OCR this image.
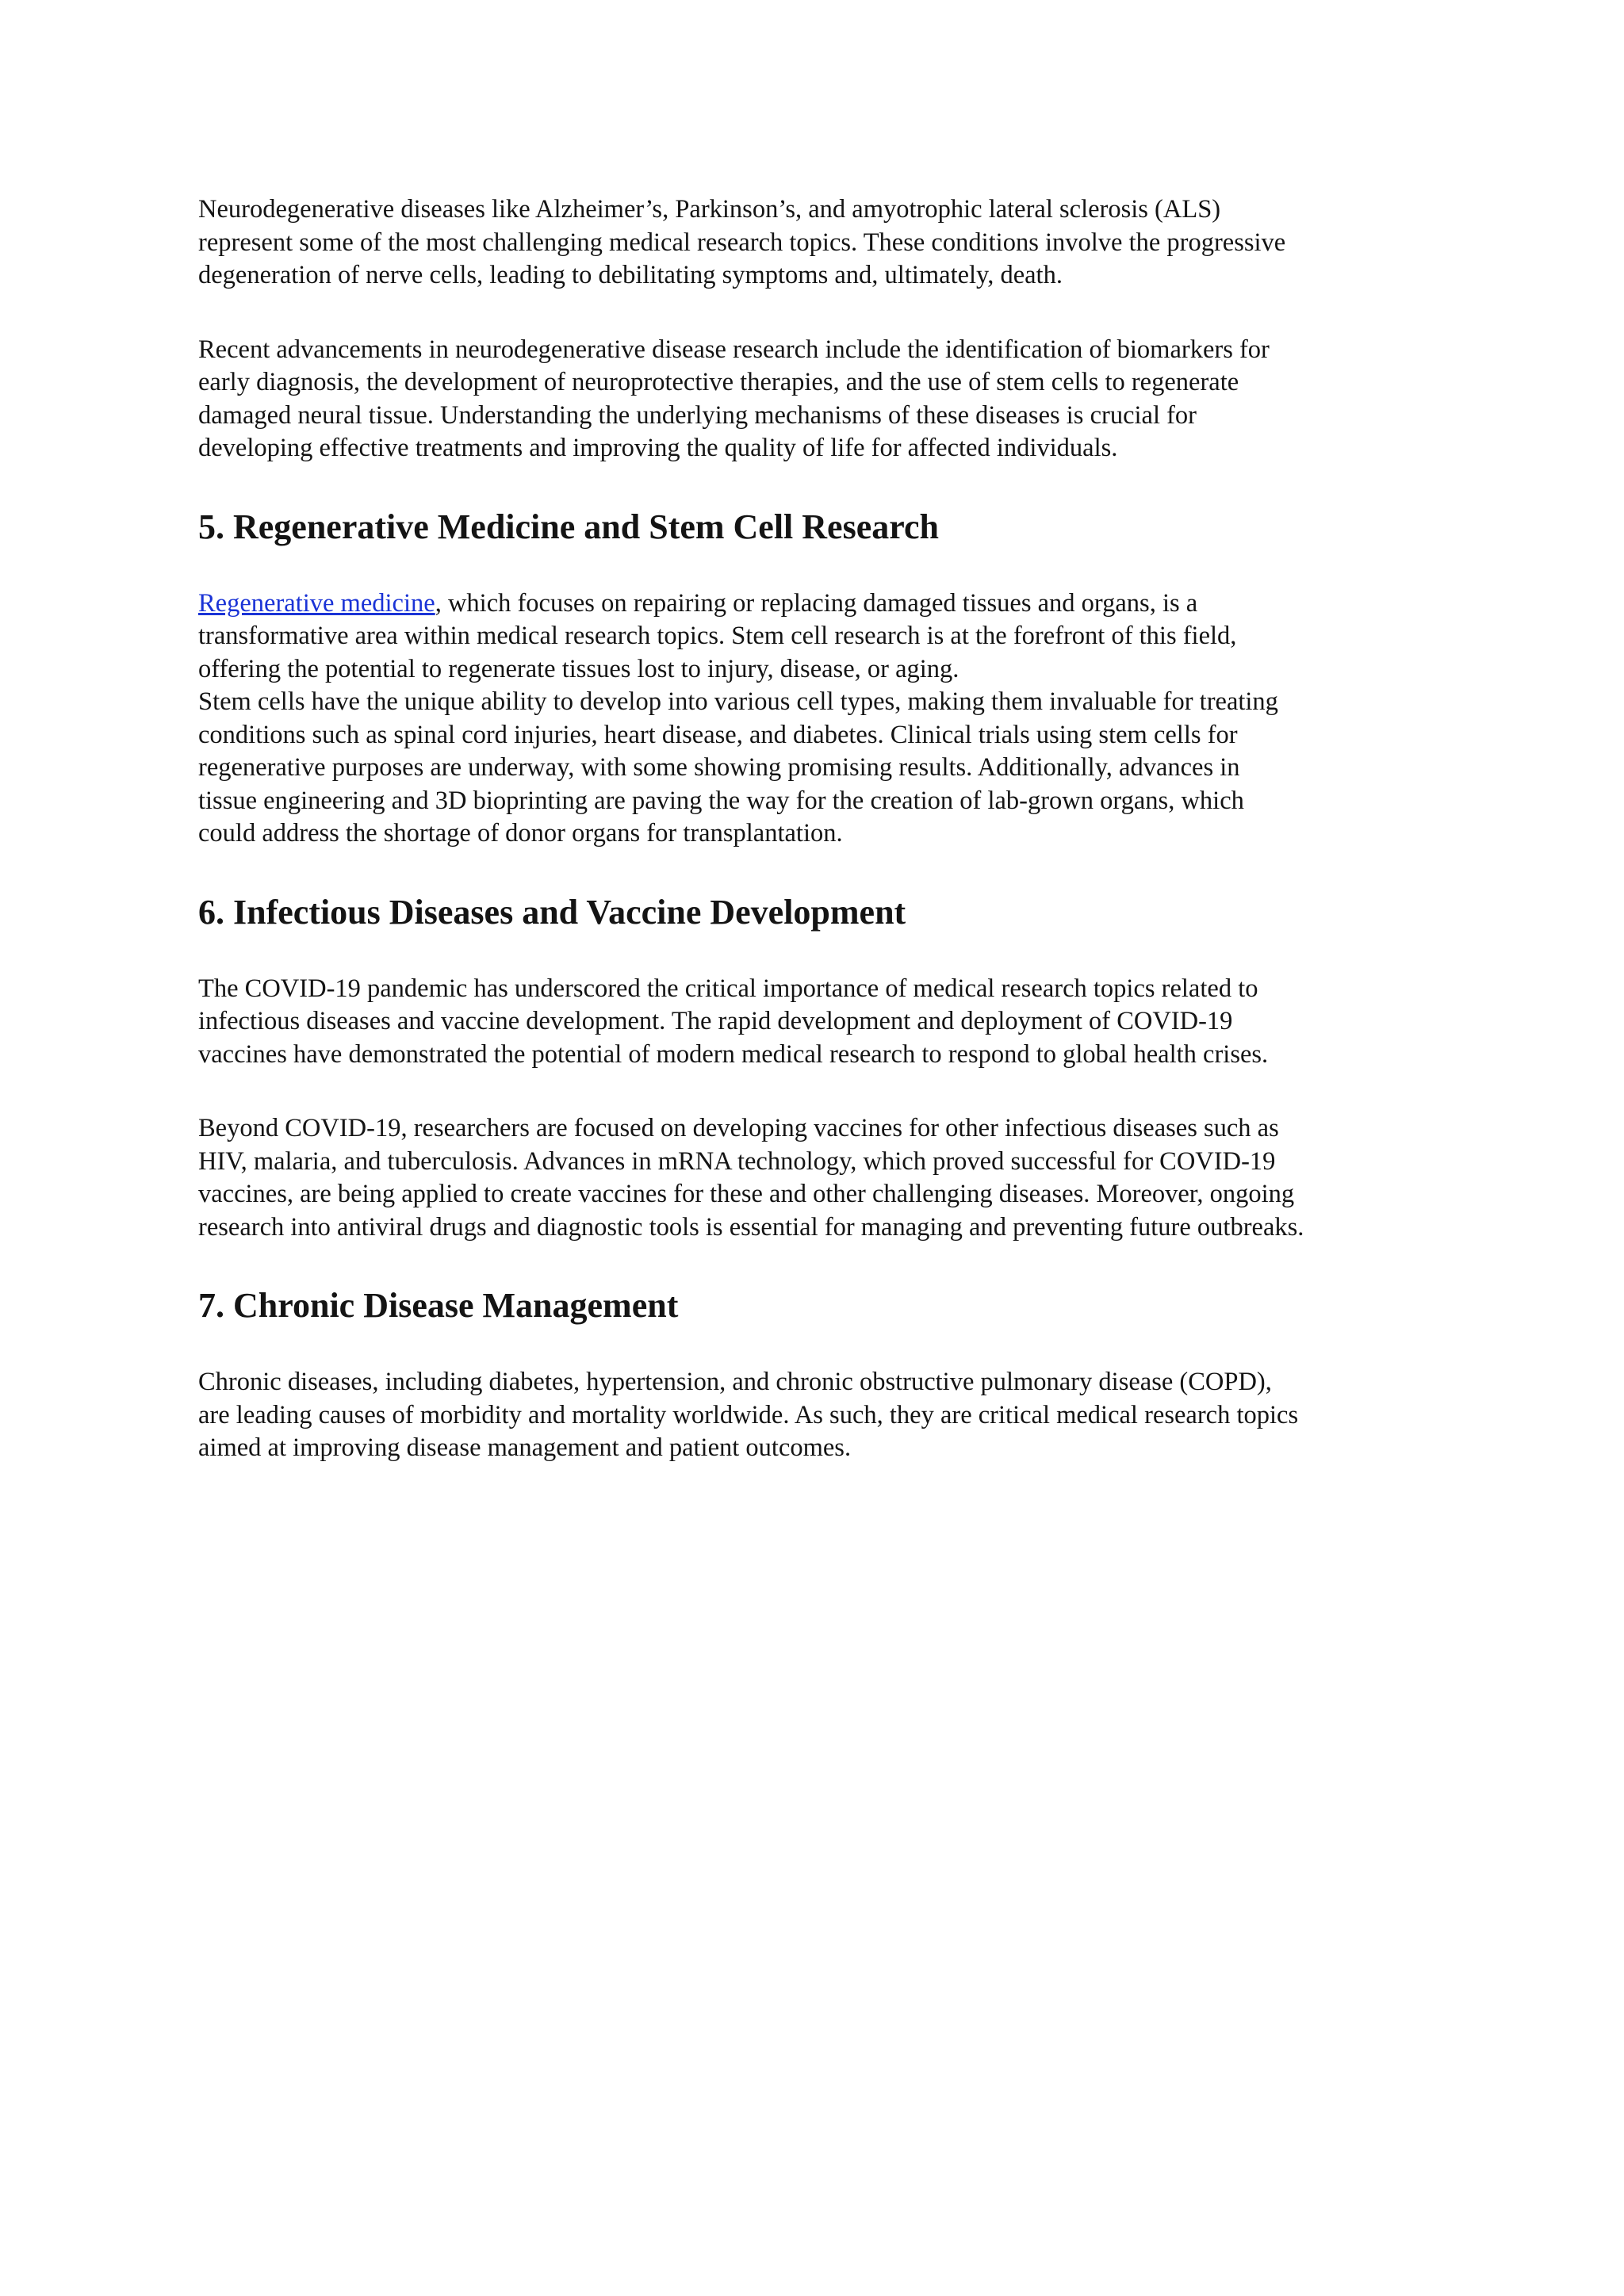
Neurodegenerative diseases like Alzheimer’s, Parkinson’s, and amyotrophic lateral sclerosis (ALS)
represent some of the most challenging medical research topics. These conditions involve the progressive
degeneration of nerve cells, leading to debilitating symptoms and, ultimately, death.

Recent advancements in neurodegenerative disease research include the identification of biomarkers for
early diagnosis, the development of neuroprotective therapies, and the use of stem cells to regenerate
damaged neural tissue. Understanding the underlying mechanisms of these diseases is crucial for
developing effective treatments and improving the quality of life for affected individuals.

5. Regenerative Medicine and Stem Cell Research

Regenerative medicine, which focuses on repairing or replacing damaged tissues and organs, is a
transformative area within medical research topics. Stem cell research is at the forefront of this field,
offering the potential to regenerate tissues lost to injury, disease, or aging.

Stem cells have the unique ability to develop into various cell types, making them invaluable for treating
conditions such as spinal cord injuries, heart disease, and diabetes. Clinical trials using stem cells for
regenerative purposes are underway, with some showing promising results. Additionally, advances in
tissue engineering and 3D bioprinting are paving the way for the creation of lab-grown organs, which
could address the shortage of donor organs for transplantation.

6. Infectious Diseases and Vaccine Development

The COVID-19 pandemic has underscored the critical importance of medical research topics related to
infectious diseases and vaccine development. The rapid development and deployment of COVID-19
vaccines have demonstrated the potential of modern medical research to respond to global health crises.

Beyond COVID-19, researchers are focused on developing vaccines for other infectious diseases such as
HIV, malaria, and tuberculosis. Advances in mRNA technology, which proved successful for COVID-19
vaccines, are being applied to create vaccines for these and other challenging diseases. Moreover, ongoing
research into antiviral drugs and diagnostic tools is essential for managing and preventing future outbreaks.

7. Chronic Disease Management

Chronic diseases, including diabetes, hypertension, and chronic obstructive pulmonary disease (COPD),
are leading causes of morbidity and mortality worldwide. As such, they are critical medical research topics
aimed at improving disease management and patient outcomes.
